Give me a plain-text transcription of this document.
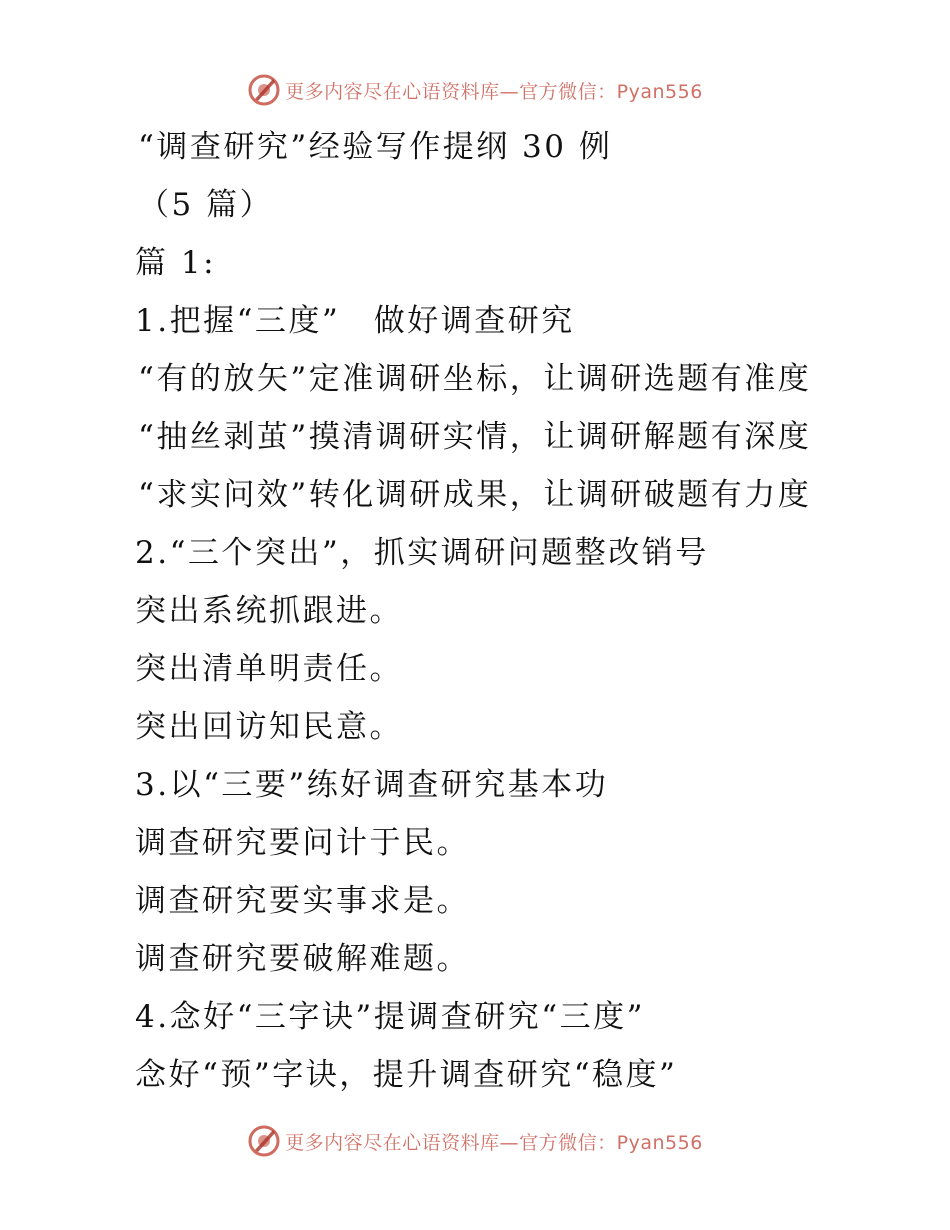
更多内容尽在心语资料库—官方微信：Pyan556
“调查研究”经验写作提纲 30 例
（5 篇）
篇 1:
1.把握“三度”　做好调查研究
“有的放矢”定准调研坐标，让调研选题有准度
“抽丝剥茧”摸清调研实情，让调研解题有深度
“求实问效”转化调研成果，让调研破题有力度
2.“三个突出”，抓实调研问题整改销号
突出系统抓跟进。
突出清单明责任。
突出回访知民意。
3.以“三要”练好调查研究基本功
调查研究要问计于民。
调查研究要实事求是。
调查研究要破解难题。
4.念好“三字诀”提调查研究“三度”
念好“预”字诀，提升调查研究“稳度”
更多内容尽在心语资料库—官方微信：Pyan556
